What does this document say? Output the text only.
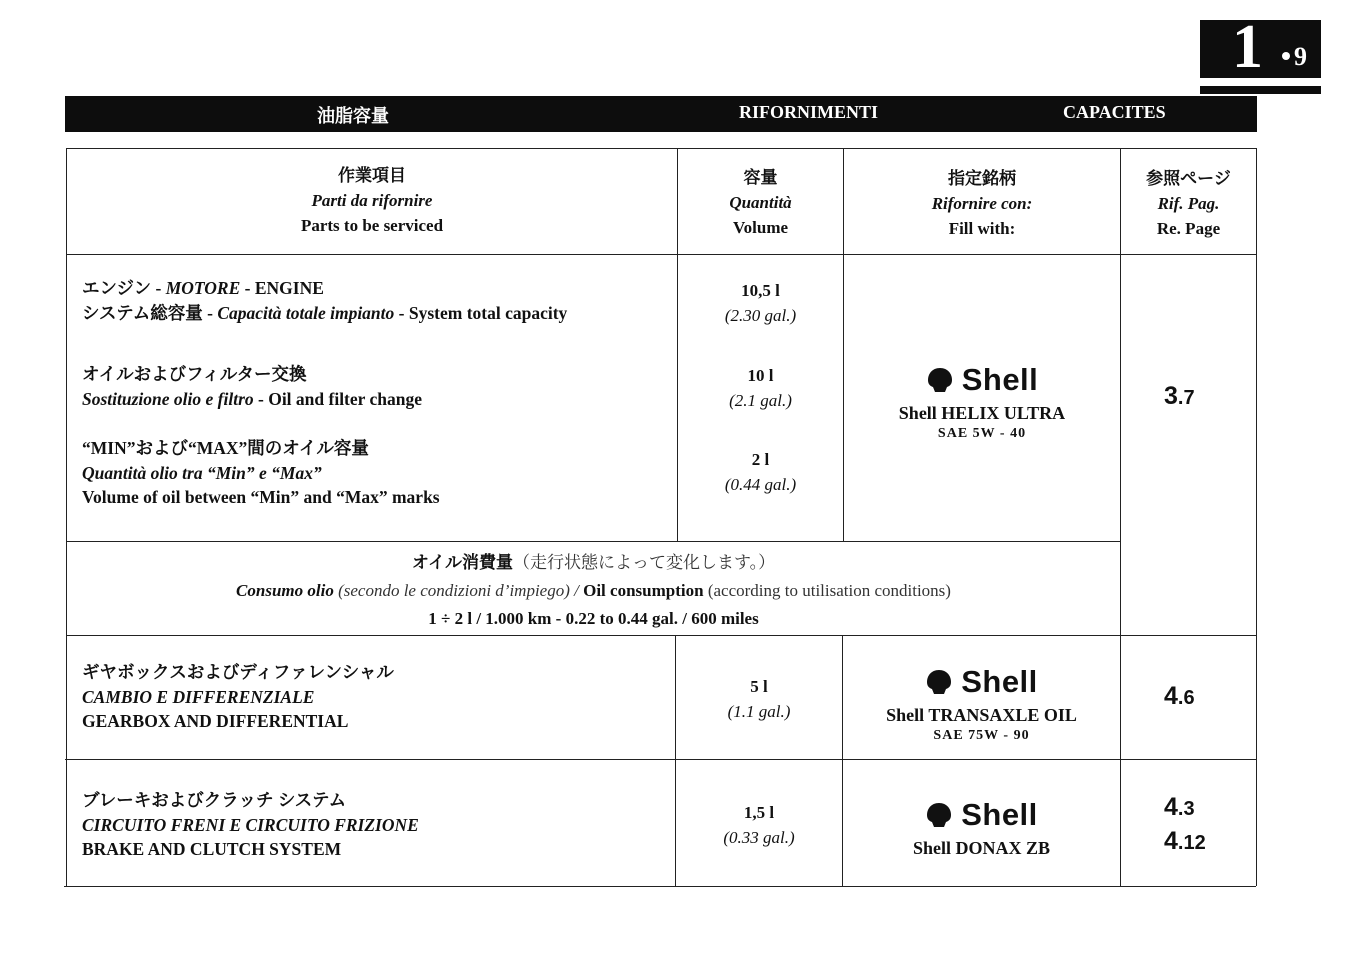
1 9
油脂容量	RIFORNIMENTI	CAPACITES
作業項目
Parti da rifornire
Parts to be serviced
容量
Quantità
Volume
指定銘柄
Rifornire con:
Fill with:
参照ページ
Rif. Pag.
Re. Page
エンジン - MOTORE - ENGINE
システム総容量 - Capacità totale impianto - System total capacity
オイルおよびフィルター交換
Sostituzione olio e filtro - Oil and filter change
“MIN”および“MAX”間のオイル容量
Quantità olio tra “Min” e “Max”
Volume of oil between “Min” and “Max” marks
10,5 l
(2.30 gal.)
10 l
(2.1 gal.)
2 l
(0.44 gal.)
Shell
Shell HELIX ULTRA
SAE 5W - 40
3.7
オイル消費量（走行状態によって変化します。）
Consumo olio (secondo le condizioni d’impiego) / Oil consumption (according to utilisation conditions)
1 ÷ 2 l / 1.000 km - 0.22 to 0.44 gal. / 600 miles
ギヤボックスおよびディファレンシャル
CAMBIO E DIFFERENZIALE
GEARBOX AND DIFFERENTIAL
5 l
(1.1 gal.)
Shell
Shell TRANSAXLE OIL
SAE 75W - 90
4.6
ブレーキおよびクラッチ システム
CIRCUITO FRENI E CIRCUITO FRIZIONE
BRAKE AND CLUTCH SYSTEM
1,5 l
(0.33 gal.)
Shell
Shell DONAX ZB
4.3
4.12
